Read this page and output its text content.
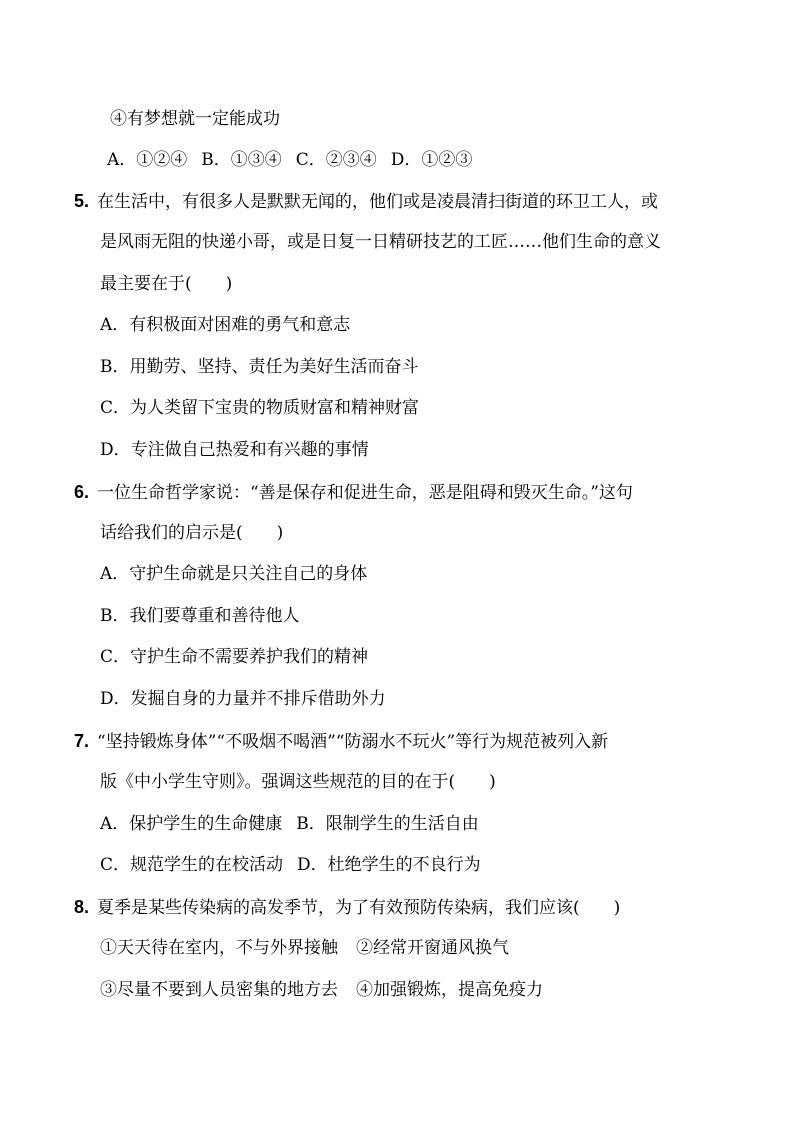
④有梦想就一定能成功
A．①②④ B．①③④ C．②③④ D．①②③
5. 在生活中，有很多人是默默无闻的，他们或是凌晨清扫街道的环卫工人，或
是风雨无阻的快递小哥，或是日复一日精研技艺的工匠……他们生命的意义
最主要在于(　　)
A．有积极面对困难的勇气和意志
B．用勤劳、坚持、责任为美好生活而奋斗
C．为人类留下宝贵的物质财富和精神财富
D．专注做自己热爱和有兴趣的事情
6. 一位生命哲学家说：“善是保存和促进生命，恶是阻碍和毁灭生命。”这句
话给我们的启示是(　　)
A．守护生命就是只关注自己的身体
B．我们要尊重和善待他人
C．守护生命不需要养护我们的精神
D．发掘自身的力量并不排斥借助外力
7. “坚持锻炼身体”“不吸烟不喝酒”“防溺水不玩火”等行为规范被列入新
版《中小学生守则》。强调这些规范的目的在于(　　)
A．保护学生的生命健康 B．限制学生的生活自由
C．规范学生的在校活动 D．杜绝学生的不良行为
8. 夏季是某些传染病的高发季节，为了有效预防传染病，我们应该(　　)
①天天待在室内，不与外界接触 ②经常开窗通风换气
③尽量不要到人员密集的地方去 ④加强锻炼，提高免疫力
